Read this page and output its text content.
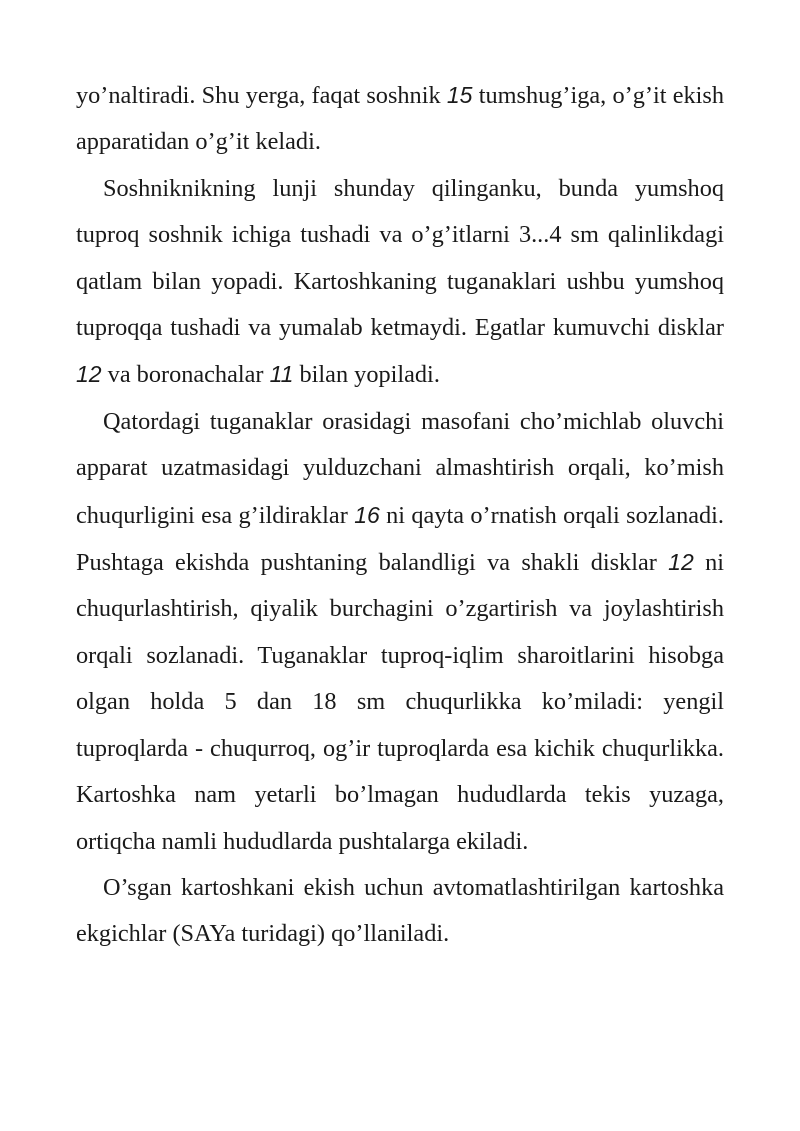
yo’naltiradi. Shu yerga, faqat soshnik 15 tumshug’iga, o’g’it ekish apparatidan o’g’it keladi.

Soshniknikning lunji shunday qilinganku, bunda yumshoq tuproq soshnik ichiga tushadi va o’g’itlarni 3...4 sm qalinlikdagi qatlam bilan yopadi. Kartoshkaning tuganaklari ushbu yumshoq tuproqqa tushadi va yumalab ketmaydi. Egatlar kumuvchi disklar 12 va boronachalar 11 bilan yopiladi.

Qatordagi tuganaklar orasidagi masofani cho’michlab oluvchi apparat uzatmasidagi yulduzchani almashtirish orqali, ko’mish chuqurligini esa g’ildiraklar 16 ni qayta o’rnatish orqali sozlanadi. Pushtaga ekishda pushtaning balandligi va shakli disklar 12 ni chuqurlashtirish, qiyalik burchagini o’zgartirish va joylashtirish orqali sozlanadi. Tuganaklar tuproq-iqlim sharoitlarini hisobga olgan holda 5 dan 18 sm chuqurlikka ko’miladi: yengil tuproqlarda - chuqurroq, og’ir tuproqlarda esa kichik chuqurlikka. Kartoshka nam yetarli bo’lmagan hududlarda tekis yuzaga, ortiqcha namli hududlarda pushtalarga ekiladi.

O’sgan kartoshkani ekish uchun avtomatlashtirilgan kartoshka ekgichlar (SAYa turidagi) qo’llaniladi.
